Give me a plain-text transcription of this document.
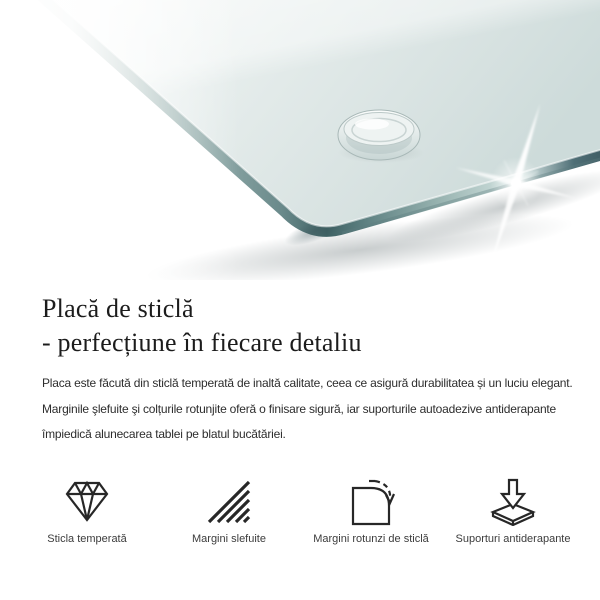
Placă de sticlă
- perfecțiune în fiecare detaliu
Placa este făcută din sticlă temperată de inaltă calitate, ceea ce asigură durabilitatea și un luciu elegant.
Marginile şlefuite şi colțurile rotunjite oferă o finisare sigură, iar suporturile autoadezive antiderapante
împiedică alunecarea tablei pe blatul bucătăriei.
Sticla temperată	Margini slefuite	Margini rotunzi de sticlă Suporturi antiderapante
